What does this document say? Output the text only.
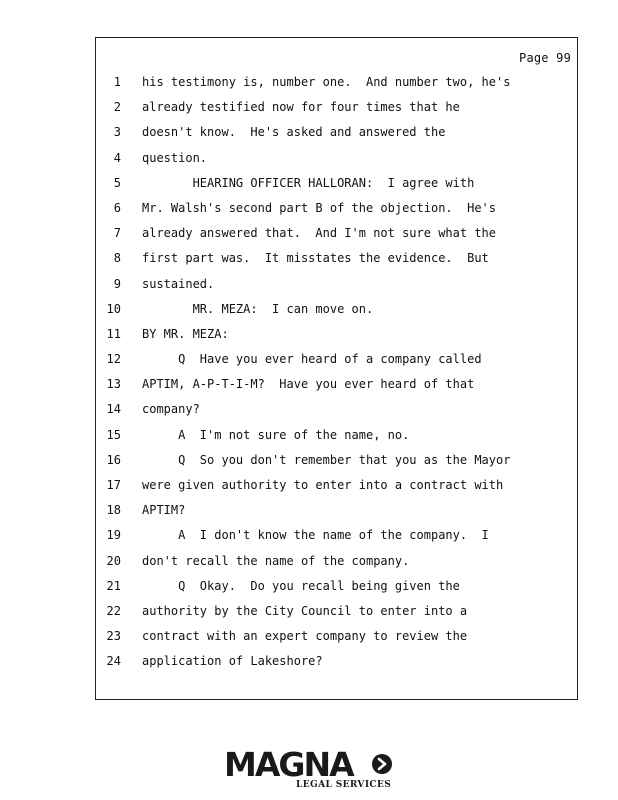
Page 99
1 his testimony is, number one.  And number two, he's
2 already testified now for four times that he
3 doesn't know.  He's asked and answered the
4 question.
5 HEARING OFFICER HALLORAN:  I agree with
6 Mr. Walsh's second part B of the objection.  He's
7 already answered that.  And I'm not sure what the
8 first part was.  It misstates the evidence.  But
9 sustained.
10 MR. MEZA:  I can move on.
11 BY MR. MEZA:
12 Q  Have you ever heard of a company called
13 APTIM, A-P-T-I-M?  Have you ever heard of that
14 company?
15 A  I'm not sure of the name, no.
16 Q  So you don't remember that you as the Mayor
17 were given authority to enter into a contract with
18 APTIM?
19 A  I don't know the name of the company.  I
20 don't recall the name of the company.
21 Q  Okay.  Do you recall being given the
22 authority by the City Council to enter into a
23 contract with an expert company to review the
24 application of Lakeshore?
MAGNA
LEGAL SERVICES
